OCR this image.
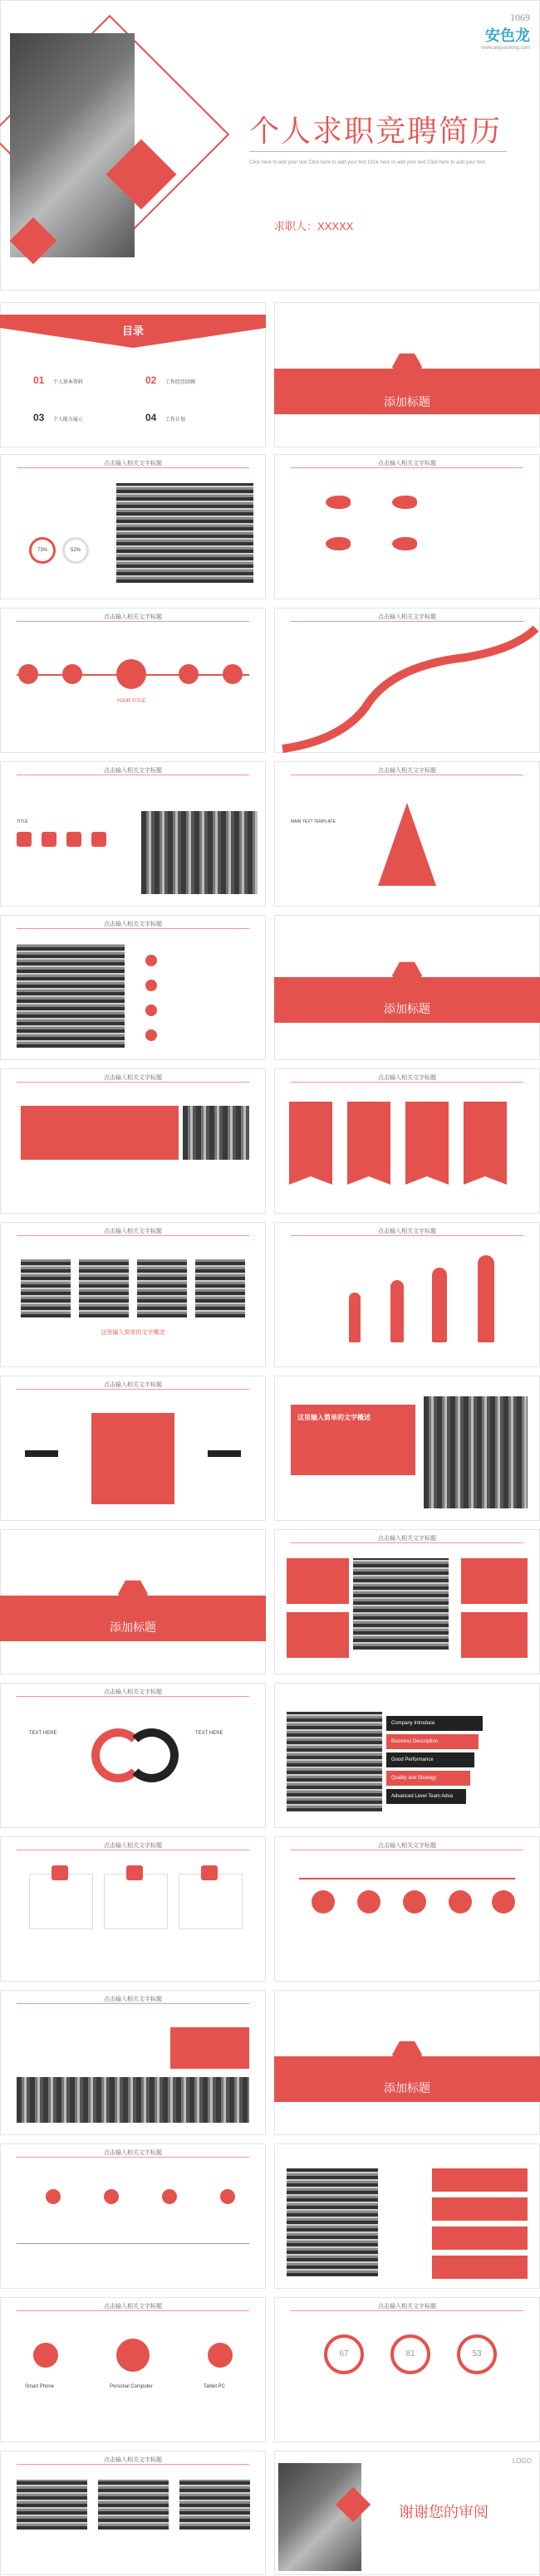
1069
安色龙
www.anquanlong.com
个人求职竞聘简历
Click here to add your text Click here to add your text Click here to add your text Click here to add your text
求职人：XXXXX
目录
01 个人基本资料	02 工作经历回顾
03 个人能力展示	04 工作计划
添加标题
点击输入相关文字标题
73%	52%
点击输入相关文字标题
点击输入相关文字标题
YOUR TITLE
点击输入相关文字标题
点击输入相关文字标题
TITLE
点击输入相关文字标题
MAIN TEXT TEMPLATE
点击输入相关文字标题
添加标题
点击输入相关文字标题	点击输入相关文字标题
点击输入相关文字标题
这里输入简单的文字概述
点击输入相关文字标题
点击输入相关文字标题
这里输入简单的文字概述
添加标题
点击输入相关文字标题
点击输入相关文字标题
TEXT HERE	TEXT HERE
Company Introduce
Business Description
Good Performance
Quality and Strategy
Advanced Level Team Adva
点击输入相关文字标题	点击输入相关文字标题
点击输入相关文字标题
添加标题
点击输入相关文字标题
点击输入相关文字标题
Smart Phone	Personal Computer	Tablet PC
点击输入相关文字标题
67	81	53
点击输入相关文字标题	LOGO
谢谢您的审阅
